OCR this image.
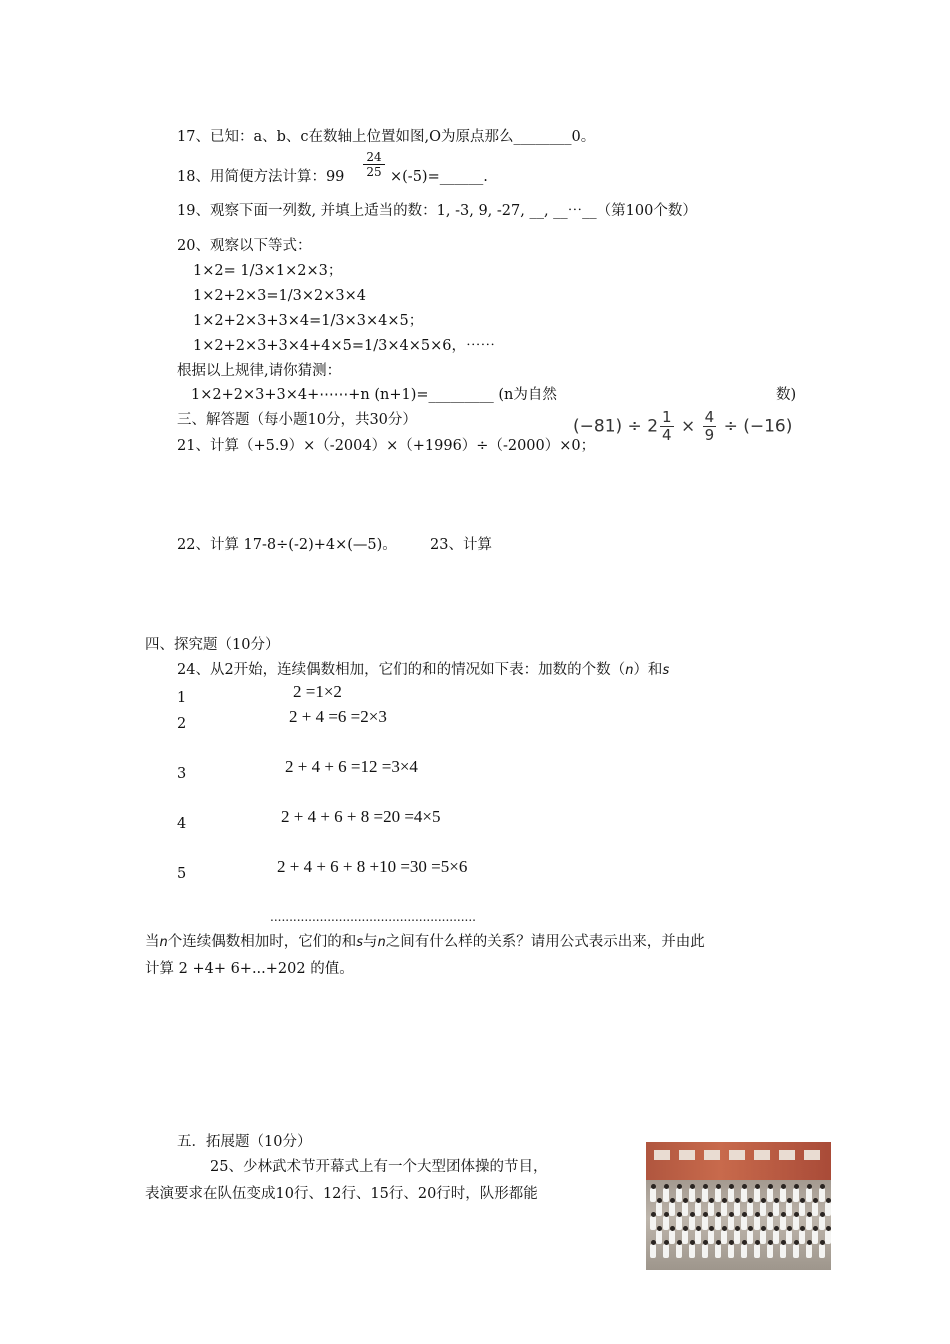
17、已知：a、b、c在数轴上位置如图,O为原点那么________0。
18、用简便方法计算：99
24
25 ×(-5)=______.
19、观察下面一列数, 并填上适当的数：1, -3, 9, -27, __, __⋯__（第100个数）
20、观察以下等式：
1×2= 1/3×1×2×3；
1×2+2×3=1/3×2×3×4
1×2+2×3+3×4=1/3×3×4×5；
1×2+2×3+3×4+4×5=1/3×4×5×6，⋯⋯
根据以上规律,请你猜测：
1×2+2×3+3×4+⋯⋯+n (n+1)=_________ (n为自然	数)
三、解答题（每小题10分，共30分）
21、计算（+5.9）×（-2004）×（+1996）÷（-2000）×0；
$(-81) \div 2 \frac{1}{4} \times \frac{4}{9} \div (-16)$
22、计算 17-8÷(-2)+4×(—5)。 23、计算
四、探究题（10分）
24、从2开始，连续偶数相加，它们的和的情况如下表：加数的个数（n）和s
1	2 =1×2
2	2 + 4 =6 =2×3
3	2 + 4 + 6 =12 =3×4
4	2 + 4 + 6 + 8 =20 =4×5
5	2 + 4 + 6 + 8 +10 =30 =5×6
......................................................
当n个连续偶数相加时，它们的和s与n之间有什么样的关系？请用公式表示出来，并由此
计算 2 +4+ 6+...+202 的值。
五．拓展题（10分）
25、少林武术节开幕式上有一个大型团体操的节目，
表演要求在队伍变成10行、12行、15行、20行时，队形都能
